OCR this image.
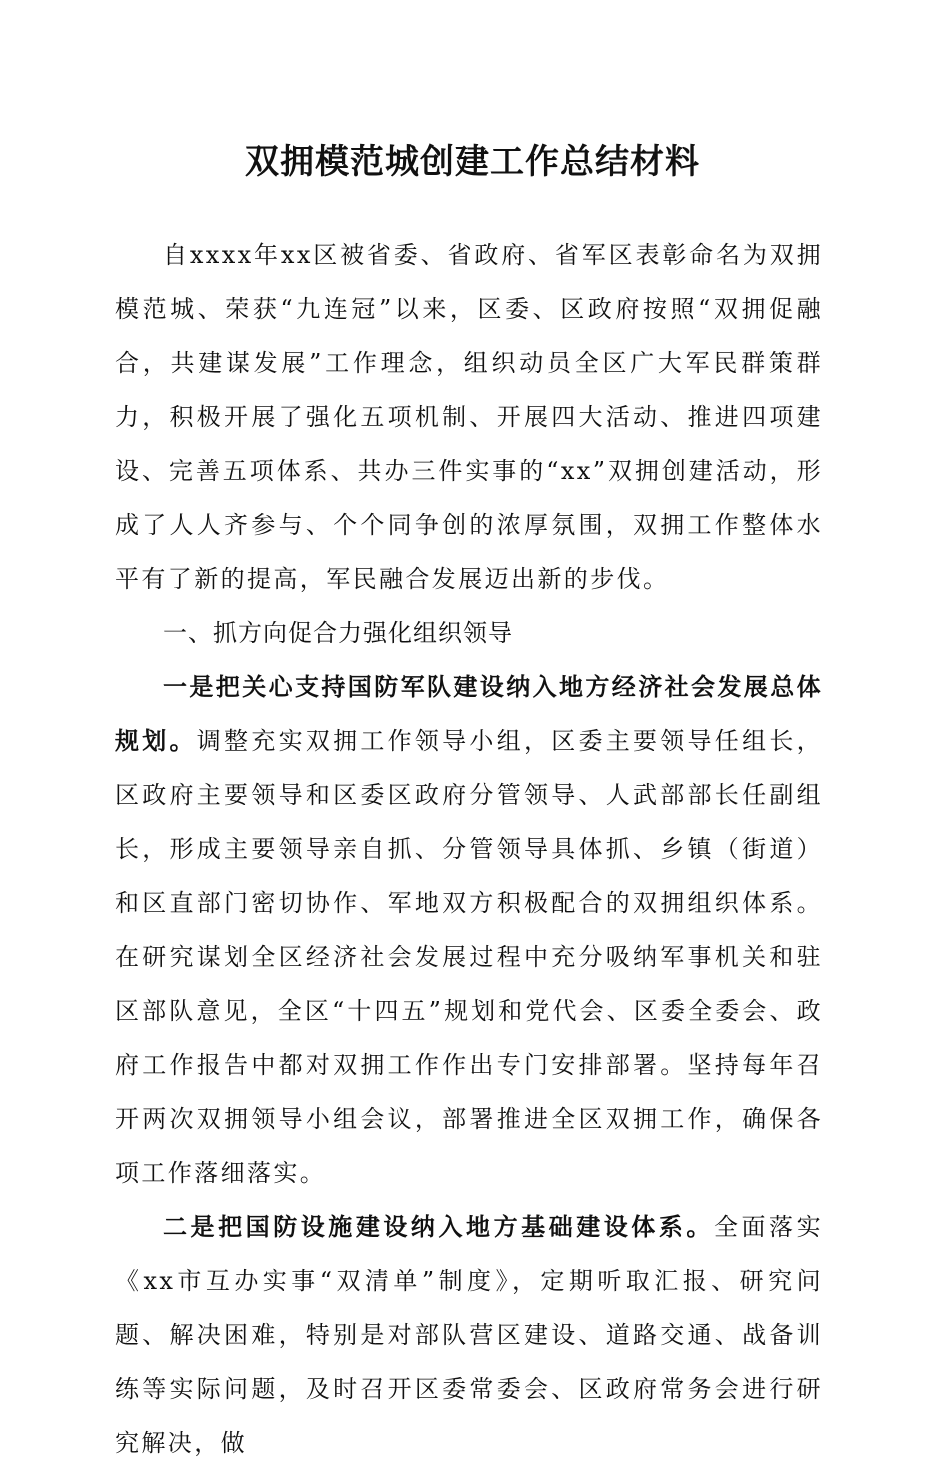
双拥模范城创建工作总结材料

自xxxx年xx区被省委、省政府、省军区表彰命名为双拥模范城、荣获“九连冠”以来，区委、区政府按照“双拥促融合，共建谋发展”工作理念，组织动员全区广大军民群策群力，积极开展了强化五项机制、开展四大活动、推进四项建设、完善五项体系、共办三件实事的“xx”双拥创建活动，形成了人人齐参与、个个同争创的浓厚氛围，双拥工作整体水平有了新的提高，军民融合发展迈出新的步伐。

一、抓方向促合力强化组织领导

一是把关心支持国防军队建设纳入地方经济社会发展总体规划。调整充实双拥工作领导小组，区委主要领导任组长，区政府主要领导和区委区政府分管领导、人武部部长任副组长，形成主要领导亲自抓、分管领导具体抓、乡镇（街道）和区直部门密切协作、军地双方积极配合的双拥组织体系。在研究谋划全区经济社会发展过程中充分吸纳军事机关和驻区部队意见，全区“十四五”规划和党代会、区委全委会、政府工作报告中都对双拥工作作出专门安排部署。坚持每年召开两次双拥领导小组会议，部署推进全区双拥工作，确保各项工作落细落实。

二是把国防设施建设纳入地方基础建设体系。全面落实《xx市互办实事“双清单”制度》，定期听取汇报、研究问题、解决困难，特别是对部队营区建设、道路交通、战备训练等实际问题，及时召开区委常委会、区政府常务会进行研究解决，做
